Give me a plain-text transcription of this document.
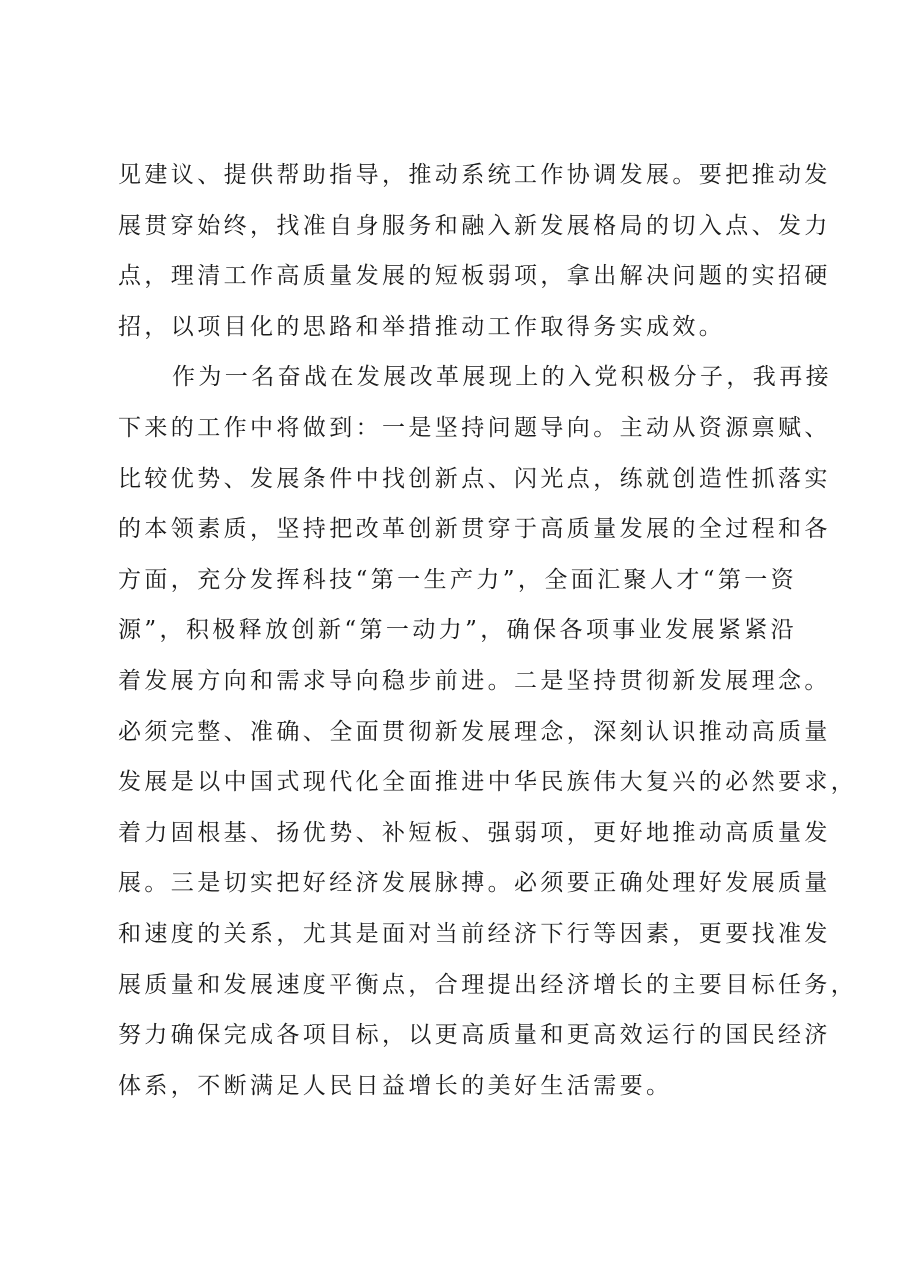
见建议、提供帮助指导，推动系统工作协调发展。要把推动发
展贯穿始终，找准自身服务和融入新发展格局的切入点、发力
点，理清工作高质量发展的短板弱项，拿出解决问题的实招硬
招，以项目化的思路和举措推动工作取得务实成效。
作为一名奋战在发展改革展现上的入党积极分子，我再接
下来的工作中将做到：一是坚持问题导向。主动从资源禀赋、
比较优势、发展条件中找创新点、闪光点，练就创造性抓落实
的本领素质，坚持把改革创新贯穿于高质量发展的全过程和各
方面，充分发挥科技“第一生产力”，全面汇聚人才“第一资
源”，积极释放创新“第一动力”，确保各项事业发展紧紧沿
着发展方向和需求导向稳步前进。二是坚持贯彻新发展理念。
必须完整、准确、全面贯彻新发展理念，深刻认识推动高质量
发展是以中国式现代化全面推进中华民族伟大复兴的必然要求，
着力固根基、扬优势、补短板、强弱项，更好地推动高质量发
展。三是切实把好经济发展脉搏。必须要正确处理好发展质量
和速度的关系，尤其是面对当前经济下行等因素，更要找准发
展质量和发展速度平衡点，合理提出经济增长的主要目标任务，
努力确保完成各项目标，以更高质量和更高效运行的国民经济
体系，不断满足人民日益增长的美好生活需要。
